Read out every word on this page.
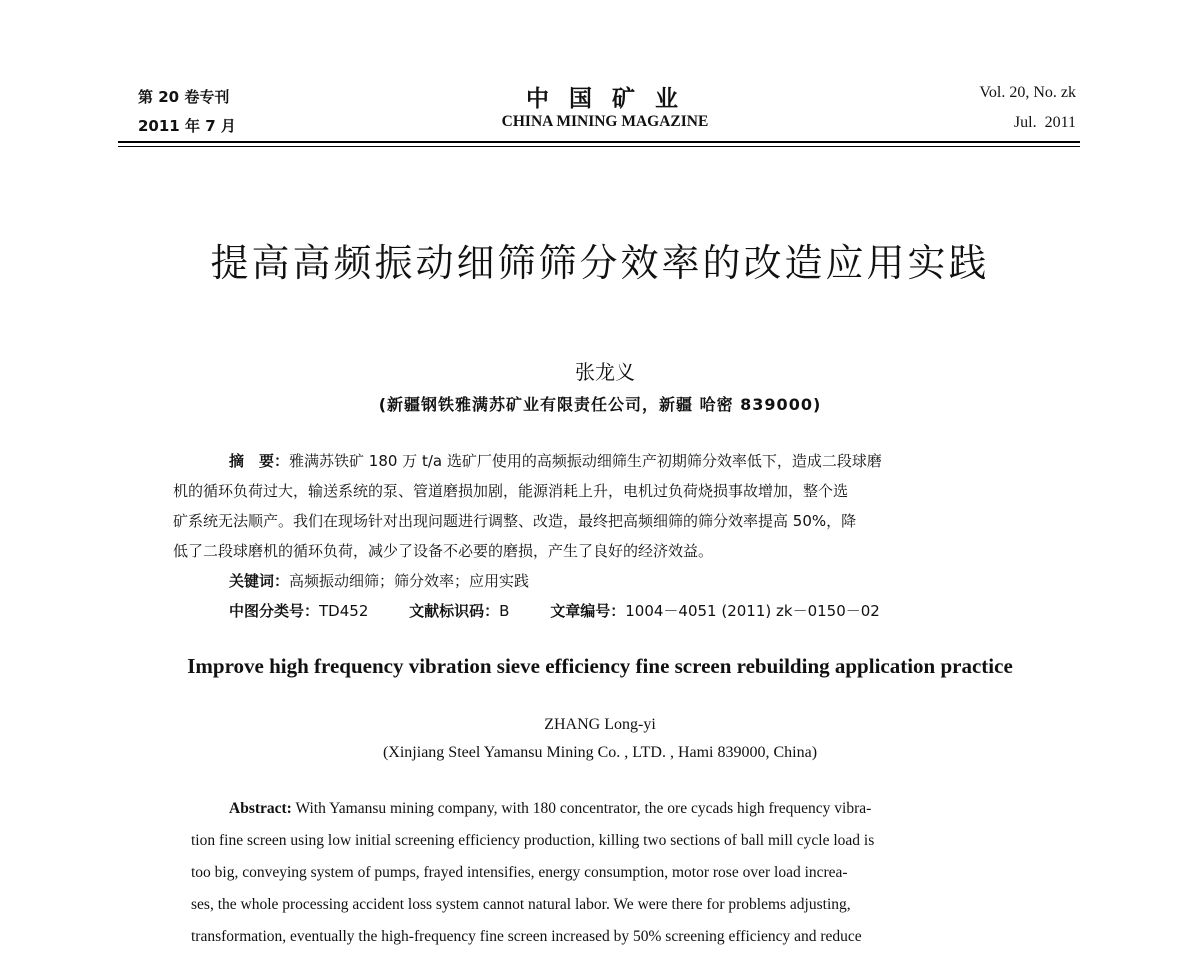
第 20 卷专刊
2011 年 7 月
中 国 矿 业
CHINA MINING MAGAZINE
Vol. 20, No. zk
Jul.  2011
提高高频振动细筛筛分效率的改造应用实践
张龙义
(新疆钢铁雅满苏矿业有限责任公司，新疆 哈密 839000)
摘　要：雅满苏铁矿 180 万 t/a 选矿厂使用的高频振动细筛生产初期筛分效率低下，造成二段球磨
机的循环负荷过大，输送系统的泵、管道磨损加剧，能源消耗上升，电机过负荷烧损事故增加，整个选
矿系统无法顺产。我们在现场针对出现问题进行调整、改造，最终把高频细筛的筛分效率提高 50%，降
低了二段球磨机的循环负荷，减少了设备不必要的磨损，产生了良好的经济效益。
关键词：高频振动细筛；筛分效率；应用实践
中图分类号：TD452	文献标识码：B	文章编号：1004－4051 (2011) zk－0150－02
Improve high frequency vibration sieve efficiency fine screen rebuilding application practice
ZHANG Long-yi
(Xinjiang Steel Yamansu Mining Co. , LTD. , Hami 839000, China)
Abstract: With Yamansu mining company, with 180 concentrator, the ore cycads high frequency vibra-
tion fine screen using low initial screening efficiency production, killing two sections of ball mill cycle load is
too big, conveying system of pumps, frayed intensifies, energy consumption, motor rose over load increa-
ses, the whole processing accident loss system cannot natural labor. We were there for problems adjusting,
transformation, eventually the high-frequency fine screen increased by 50% screening efficiency and reduce
